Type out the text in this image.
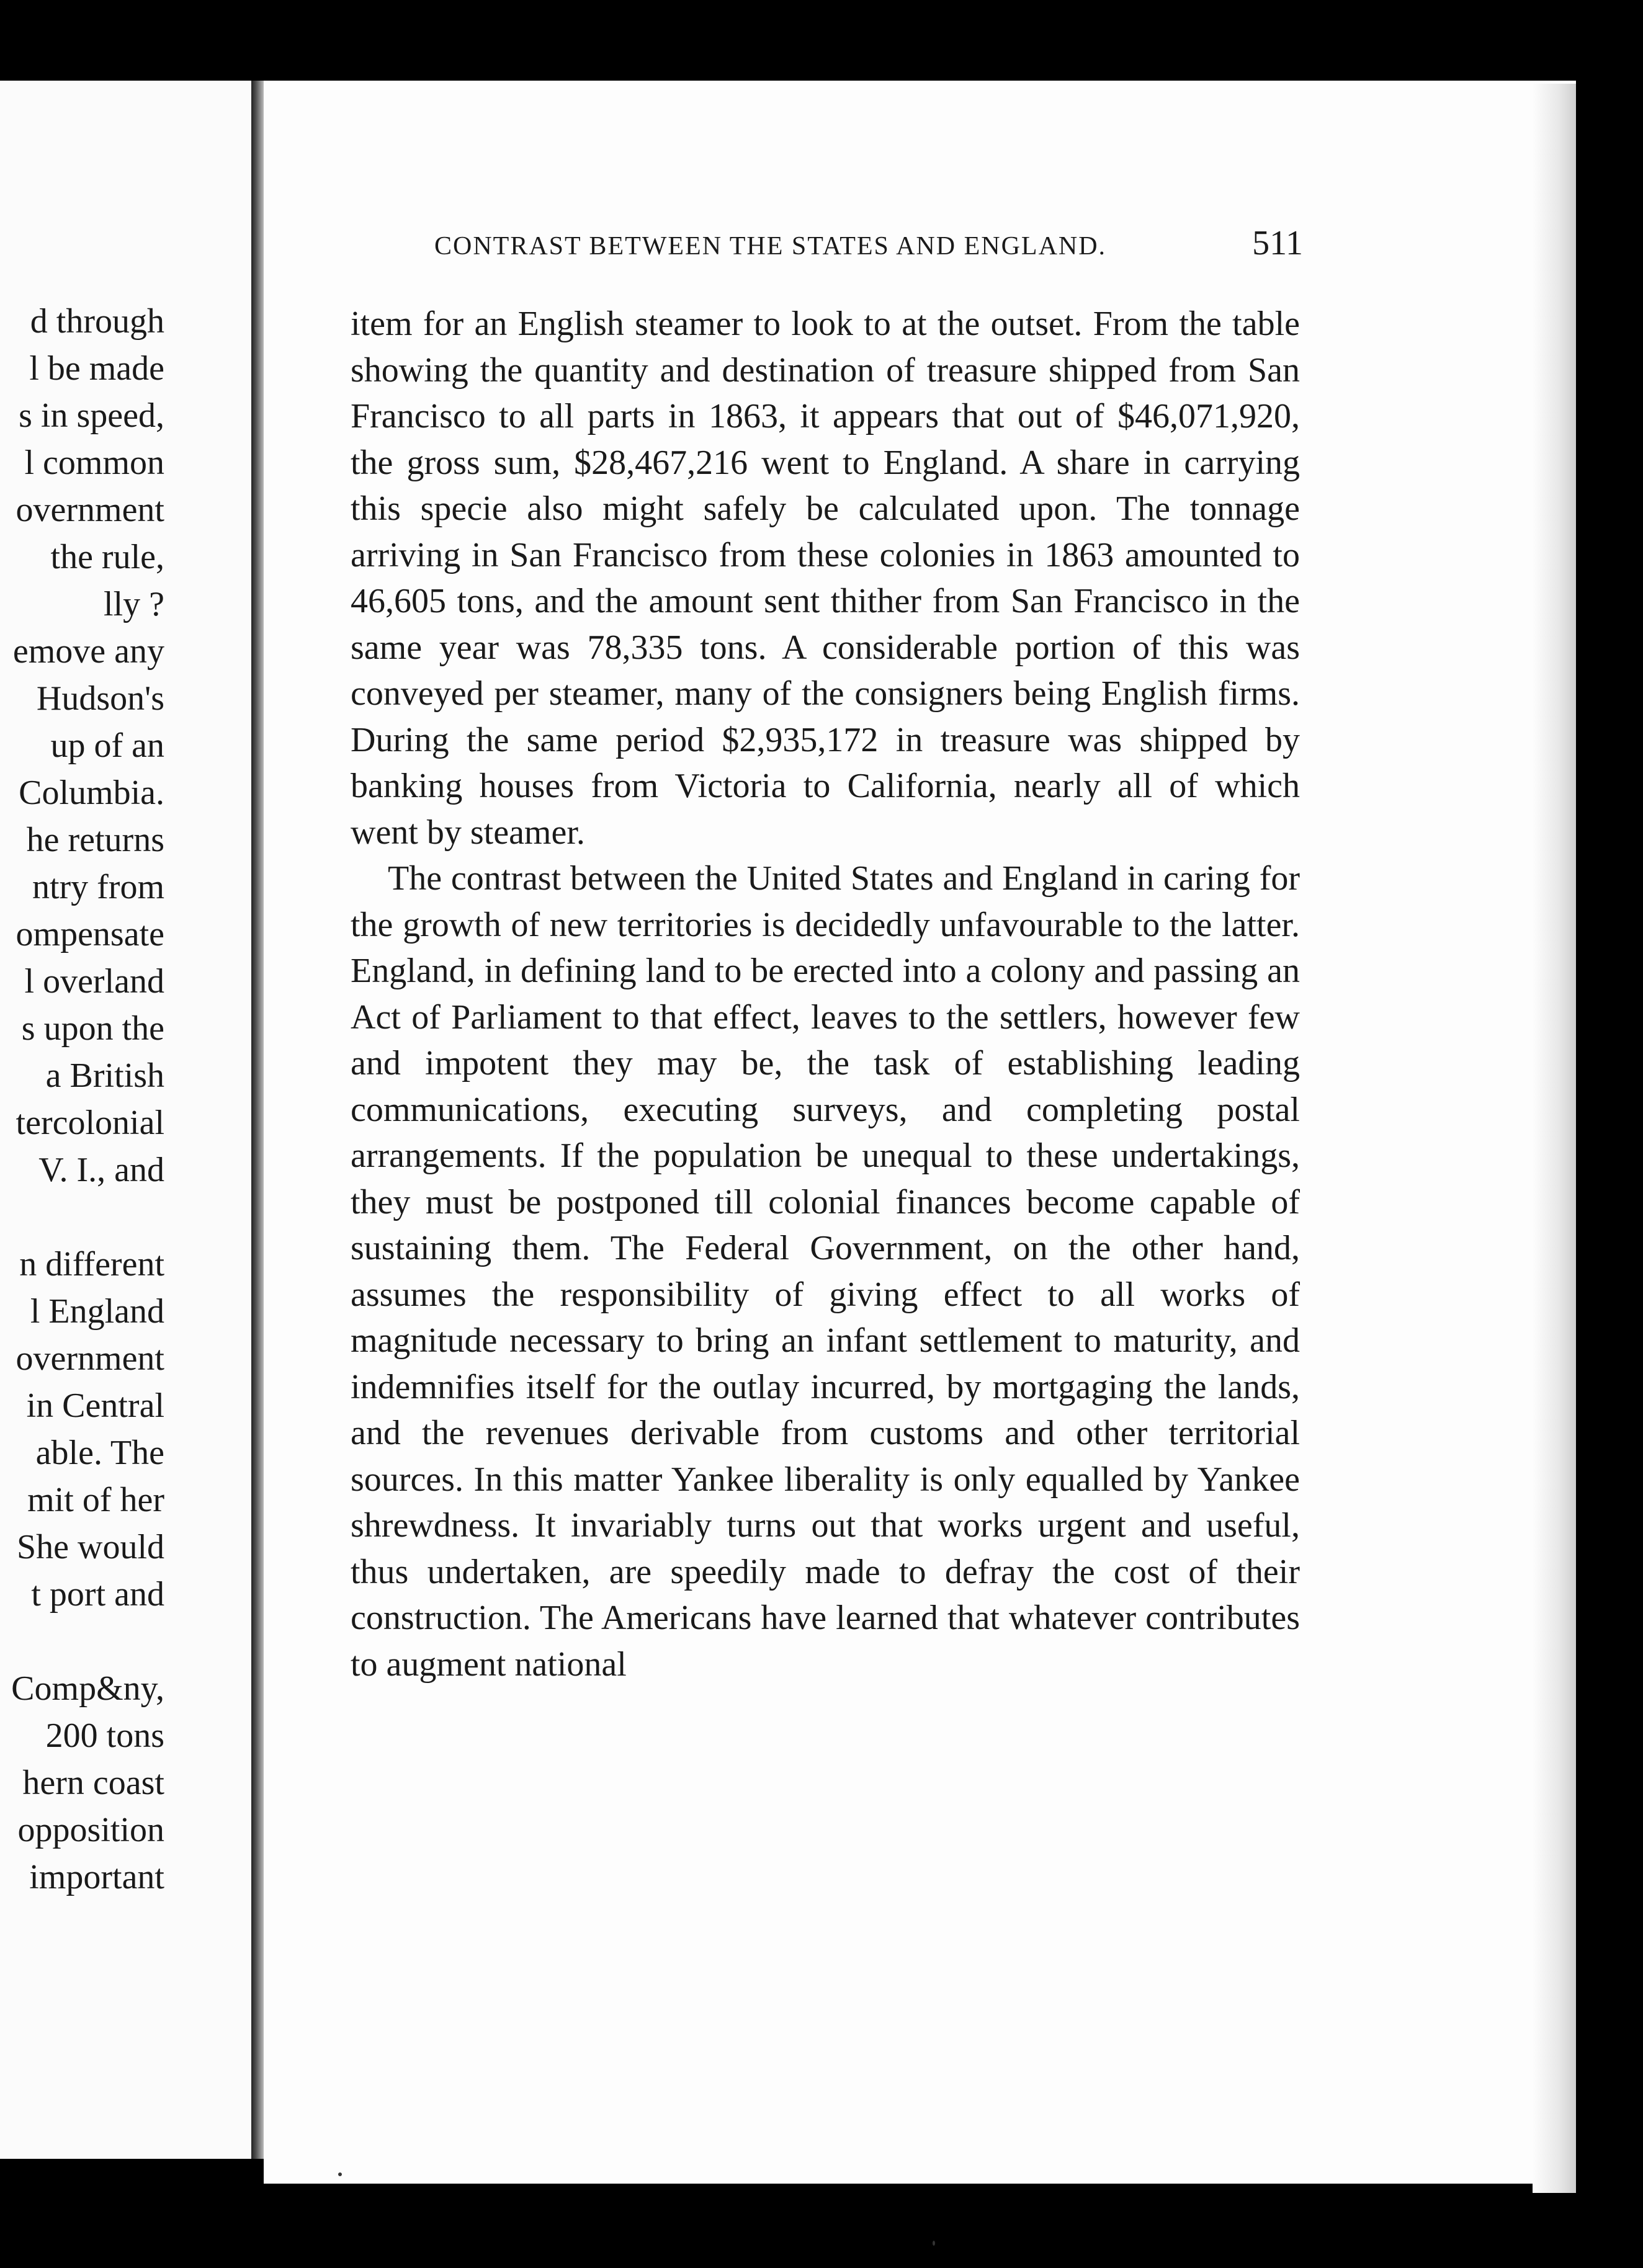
d through
l be made
s in speed,
l common
overnment
the rule,
lly ?
emove any
Hudson's
up of an
Columbia.
he returns
ntry from
ompensate
l overland
s upon the
a British
tercolonial
V. I., and
n different
l England
overnment
in Central
able. The
mit of her
She would
t port and
Comp&ny,
200 tons
hern coast
opposition
important
CONTRAST BETWEEN THE STATES AND ENGLAND.	511

item for an English steamer to look to at the outset. From the table showing the quantity and destination of treasure shipped from San Francisco to all parts in 1863, it appears that out of $46,071,920, the gross sum, $28,467,216 went to England. A share in carrying this specie also might safely be calculated upon. The tonnage arriving in San Francisco from these colonies in 1863 amounted to 46,605 tons, and the amount sent thither from San Francisco in the same year was 78,335 tons. A considerable portion of this was conveyed per steamer, many of the consigners being English firms. During the same period $2,935,172 in treasure was shipped by banking houses from Victoria to California, nearly all of which went by steamer.

The contrast between the United States and England in caring for the growth of new territories is decidedly unfavourable to the latter. England, in defining land to be erected into a colony and passing an Act of Parliament to that effect, leaves to the settlers, however few and impotent they may be, the task of establishing leading communications, executing surveys, and completing postal arrangements. If the population be unequal to these undertakings, they must be postponed till colonial finances become capable of sustaining them. The Federal Government, on the other hand, assumes the responsibility of giving effect to all works of magnitude necessary to bring an infant settlement to maturity, and indemnifies itself for the outlay incurred, by mortgaging the lands, and the revenues derivable from customs and other territorial sources. In this matter Yankee liberality is only equalled by Yankee shrewdness. It invariably turns out that works urgent and useful, thus undertaken, are speedily made to defray the cost of their construction. The Americans have learned that whatever contributes to augment national
